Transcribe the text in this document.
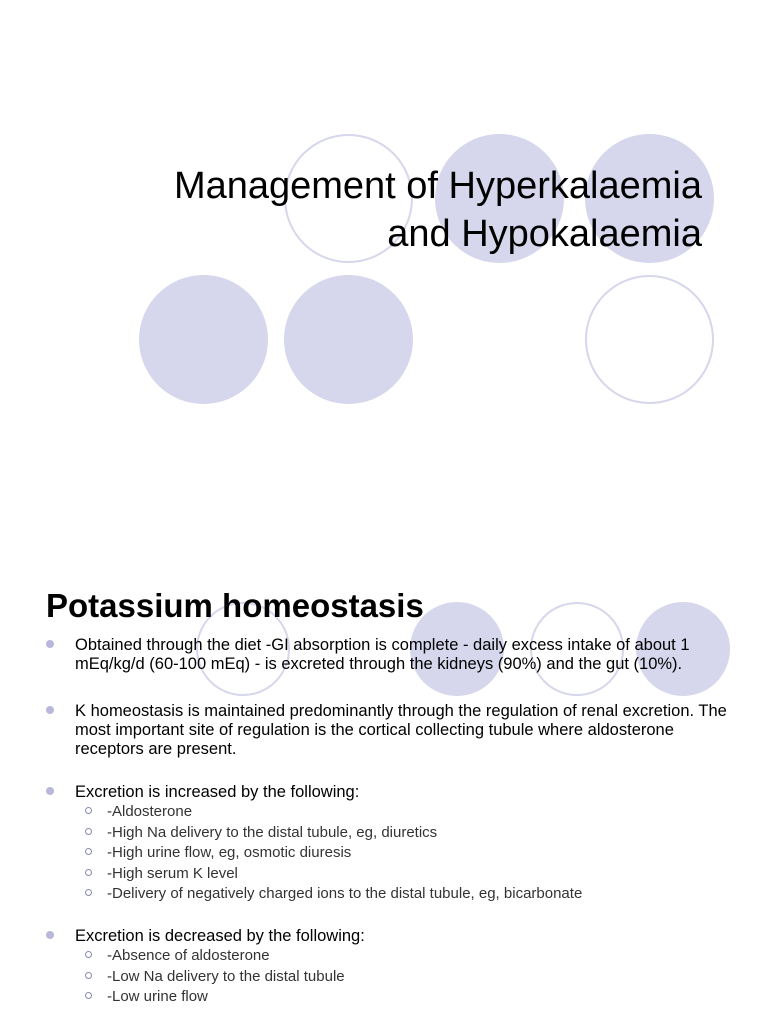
Management of Hyperkalaemia
and Hypokalaemia
Potassium homeostasis
Obtained through the diet -GI absorption is complete - daily excess intake of about 1 mEq/kg/d (60-100 mEq) - is excreted through the kidneys (90%) and the gut (10%).
K homeostasis is maintained predominantly through the regulation of renal excretion. The most important site of regulation is the cortical collecting tubule where aldosterone receptors are present.
Excretion is increased by the following:
-Aldosterone
-High Na delivery to the distal tubule, eg, diuretics
-High urine flow, eg, osmotic diuresis
-High serum K level
-Delivery of negatively charged ions to the distal tubule, eg, bicarbonate
Excretion is decreased by the following:
-Absence of aldosterone
-Low Na delivery to the distal tubule
-Low urine flow
